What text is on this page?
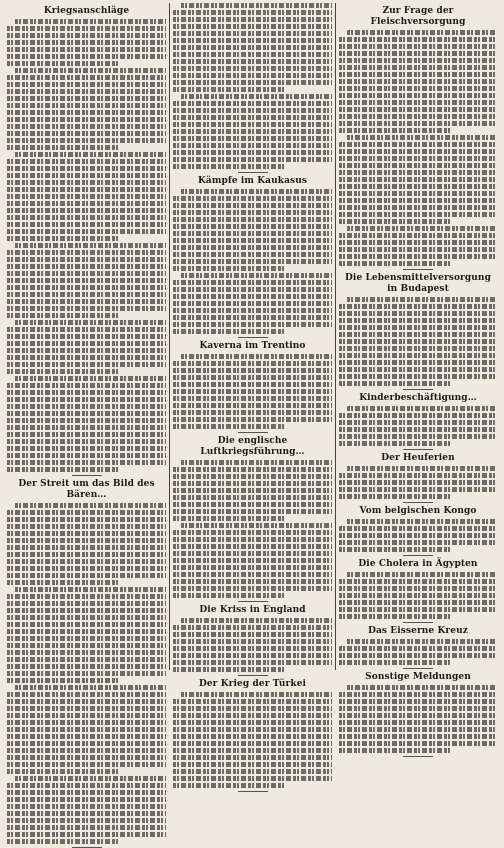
Kriegsanschläge
Der Streit um das Bild des Bären…
Kämpfe im Kaukasus
Kaverna im Trentino
Die englische Luftkriegsführung…
Die Kriss in England
Der Krieg der Türkei
Zur Frage der Fleischversorgung
Die Lebensmittelversorgung in Budapest
Kinderbeschäftigung…
Der Heuferien
Vom belgischen Kongo
Die Cholera in Ägypten
Das Eisserne Kreuz
Sonstige Meldungen
